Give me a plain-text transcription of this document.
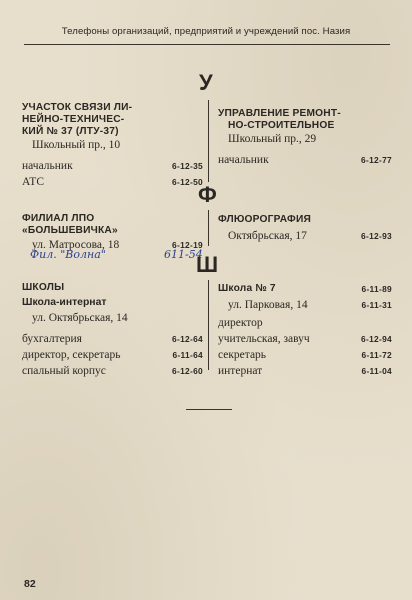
Телефоны организаций, предприятий и учреждений пос. Назия
У
УЧАСТОК СВЯЗИ ЛИ-
НЕЙНО-ТЕХНИЧЕС-
КИЙ № 37 (ЛТУ-37)
Школьный пр., 10
начальник	6-12-35
АТС	6-12-50
УПРАВЛЕНИЕ РЕМОНТ-
НО-СТРОИТЕЛЬНОЕ
Школьный пр., 29
начальник	6-12-77
Ф
ФИЛИАЛ ЛПО
«БОЛЬШЕВИЧКА»
ул. Матросова, 18	6-12-19
Фил. "Волна"	611-54
ФЛЮОРОГРАФИЯ
Октябрьская, 17	6-12-93
Ш
ШКОЛЫ
Школа-интернат
ул. Октябрьская, 14
бухгалтерия	6-12-64
директор, секретарь	6-11-64
спальный корпус	6-12-60
Школа № 7	6-11-89
ул. Парковая, 14	6-11-31
директор
учительская, завуч	6-12-94
секретарь	6-11-72
интернат	6-11-04
82
